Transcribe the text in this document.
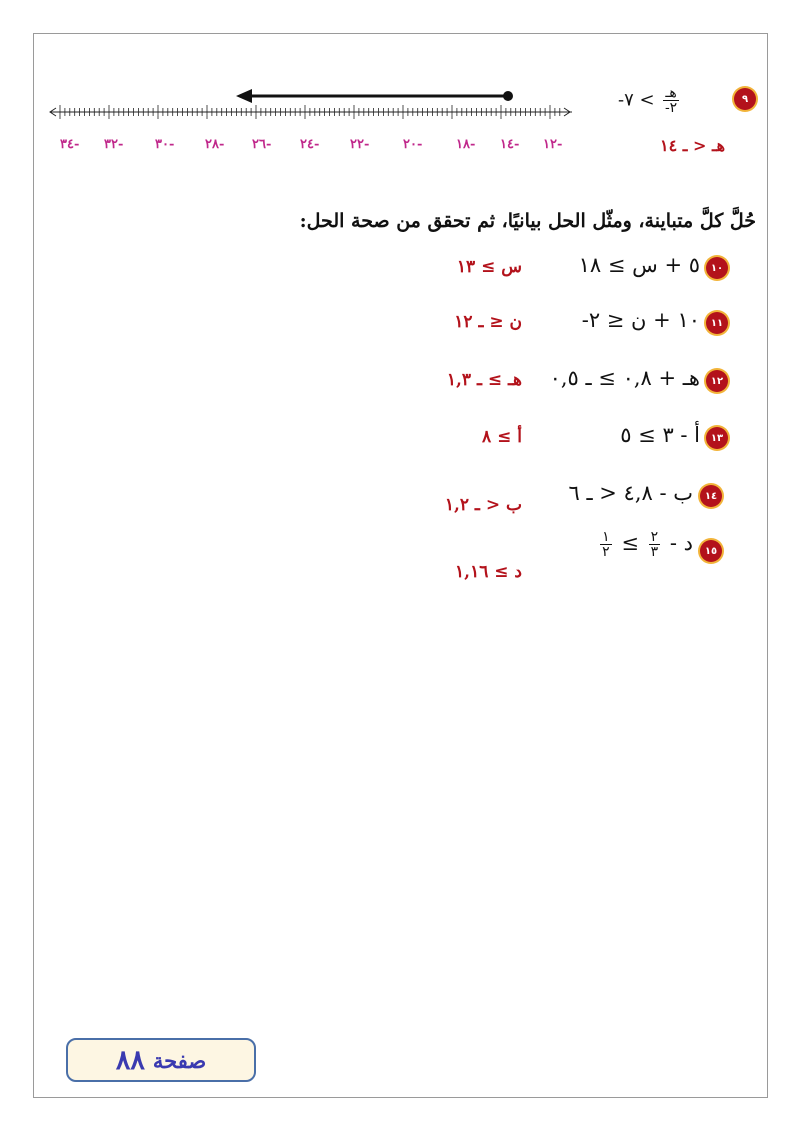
٩
$\frac{\text{هـ}}{٢-}$
> ٧-
هـ < ـ ١٤
١٢-
١٤-
١٨-
٢٠-
٢٢-
٢٤-
٢٦-
٢٨-
٣٠-
٣٢-
٣٤-
حُلَّ كلَّ متباينة، ومثّل الحل بيانيًا، ثم تحقق من صحة الحل:
١٠
٥ + س ≥ ١٨
س ≥ ١٣
١١
١٠ + ن ≤ ٢-
ن ≤ ـ ١٢
١٢
هـ + ٠,٨ ≥ ـ ٠,٥
هـ ≥ ـ ١,٣
١٣
أ - ٣ ≥ ٥
أ ≥ ٨
١٤
ب - ٤,٨ < ـ ٦
ب < ـ ١,٢
١٥
د -
$\frac{٢}{٣}$
≥
$\frac{١}{٢}$
د ≥ ١,١٦
صفحة
٨٨
